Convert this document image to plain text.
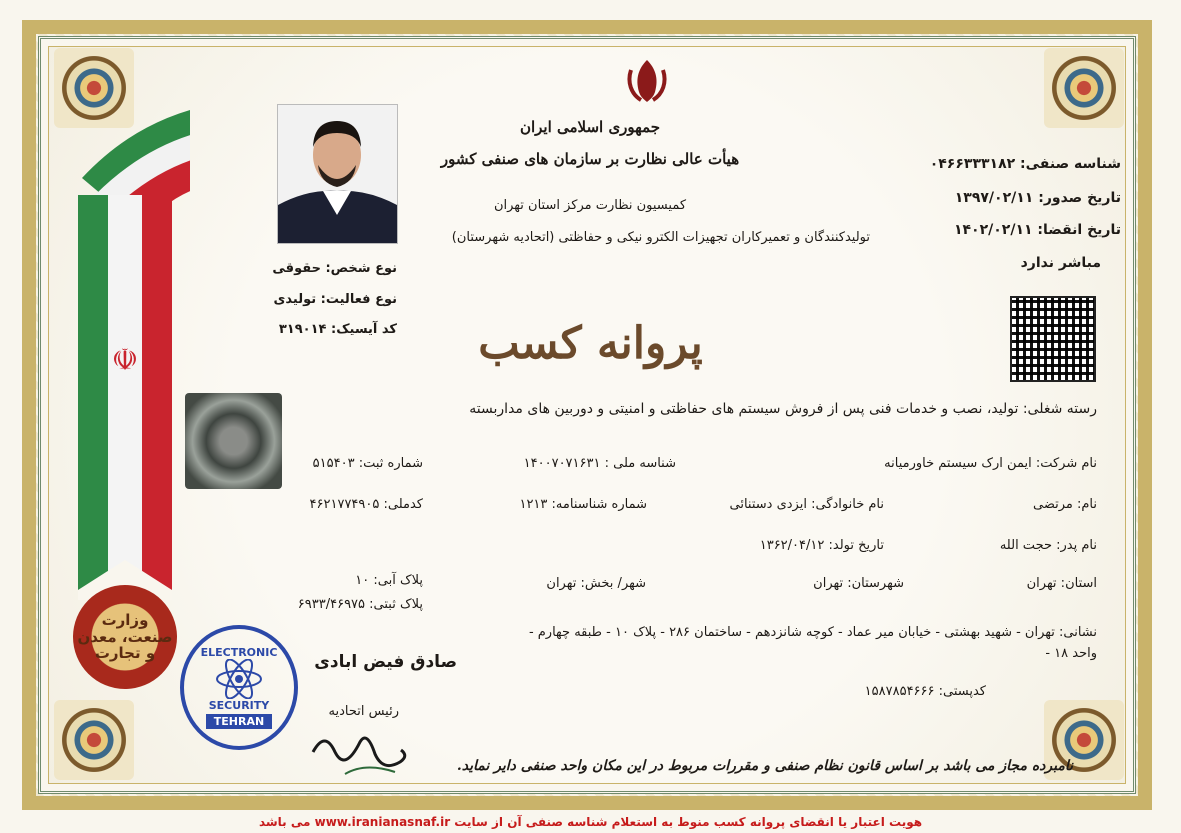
☫
جمهوری اسلامی ایران
هیأت عالی نظارت بر سازمان های صنفی کشور
کمیسیون نظارت مرکز استان تهران
تولیدکنندگان و تعمیرکاران تجهیزات الکترو نیکی و حفاظتی (اتحادیه شهرستان)
شناسه صنفی: ۰۴۶۶۳۳۳۱۸۲
تاریخ صدور: ۱۳۹۷/۰۲/۱۱
تاریخ انقضا: ۱۴۰۲/۰۲/۱۱
مباشر ندارد
نوع شخص: حقوقی
نوع فعالیت: تولیدی
کد آیسیک: ۳۱۹۰۱۴	پروانه کسب
رسته شغلی: تولید، نصب و خدمات فنی پس از فروش سیستم های حفاظتی و امنیتی و دوربین های مداربسته
نام شرکت: ایمن ارک سیستم خاورمیانه
شناسه ملی : ۱۴۰۰۷۰۷۱۶۳۱
شماره ثبت: ۵۱۵۴۰۳
نام: مرتضی
نام خانوادگی: ایزدی دستنائی
شماره شناسنامه: ۱۲۱۳
کدملی: ۴۶۲۱۷۷۴۹۰۵
نام پدر: حجت الله
تاریخ تولد: ۱۳۶۲/۰۴/۱۲
استان: تهران
شهرستان: تهران
شهر/ بخش: تهران
پلاک آبی: ۱۰
پلاک ثبتی: ۶۹۳۳/۴۶۹۷۵
نشانی: تهران - شهید بهشتی - خیابان میر عماد - کوچه شانزدهم - ساختمان ۲۸۶ - پلاک ۱۰ - طبقه چهارم -
واحد ۱۸ -
کدپستی: ۱۵۸۷۸۵۴۶۶۶
وزارت
صنعت، معدن
و تجارت	ELECTRONIC
SECURITY
TEHRAN
صادق فیض ابادی
رئیس اتحادیه
نامبرده مجاز می باشد بر اساس قانون نظام صنفی و مقررات مربوط در این مکان واحد صنفی دایر نماید.
هویت اعتبار یا انقضای پروانه کسب منوط به استعلام شناسه صنفی آن از سایت www.iranianasnaf.ir می باشد
